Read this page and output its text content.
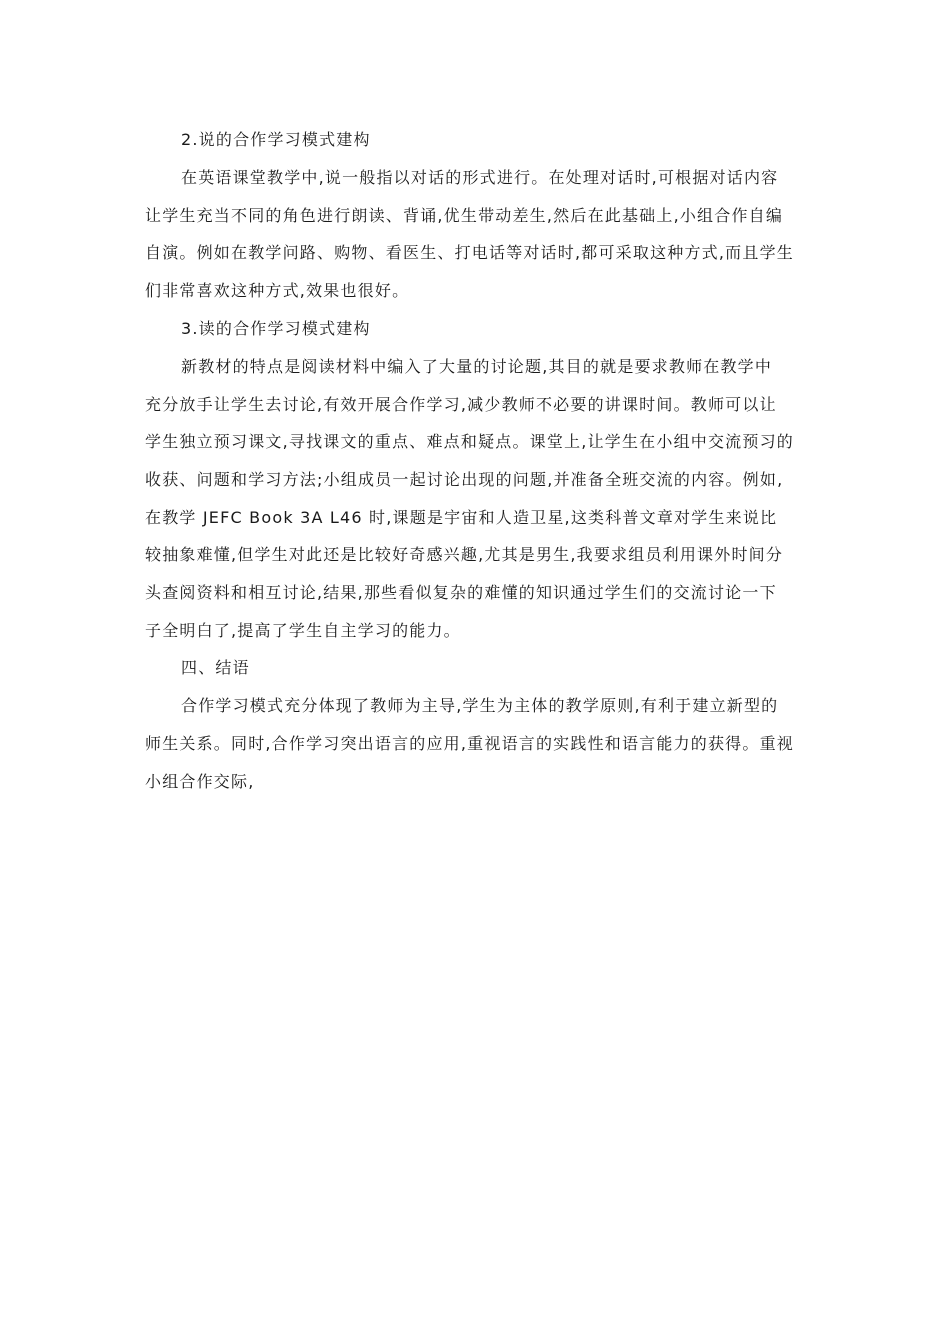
2.说的合作学习模式建构

在英语课堂教学中,说一般指以对话的形式进行。在处理对话时,可根据对话内容
让学生充当不同的角色进行朗读、背诵,优生带动差生,然后在此基础上,小组合作自编
自演。例如在教学问路、购物、看医生、打电话等对话时,都可采取这种方式,而且学生
们非常喜欢这种方式,效果也很好。

3.读的合作学习模式建构

新教材的特点是阅读材料中编入了大量的讨论题,其目的就是要求教师在教学中
充分放手让学生去讨论,有效开展合作学习,减少教师不必要的讲课时间。教师可以让
学生独立预习课文,寻找课文的重点、难点和疑点。课堂上,让学生在小组中交流预习的
收获、问题和学习方法;小组成员一起讨论出现的问题,并准备全班交流的内容。例如,
在教学 JEFC Book 3A L46 时,课题是宇宙和人造卫星,这类科普文章对学生来说比
较抽象难懂,但学生对此还是比较好奇感兴趣,尤其是男生,我要求组员利用课外时间分
头查阅资料和相互讨论,结果,那些看似复杂的难懂的知识通过学生们的交流讨论一下
子全明白了,提高了学生自主学习的能力。

四、结语

合作学习模式充分体现了教师为主导,学生为主体的教学原则,有利于建立新型的
师生关系。同时,合作学习突出语言的应用,重视语言的实践性和语言能力的获得。重视
小组合作交际,
